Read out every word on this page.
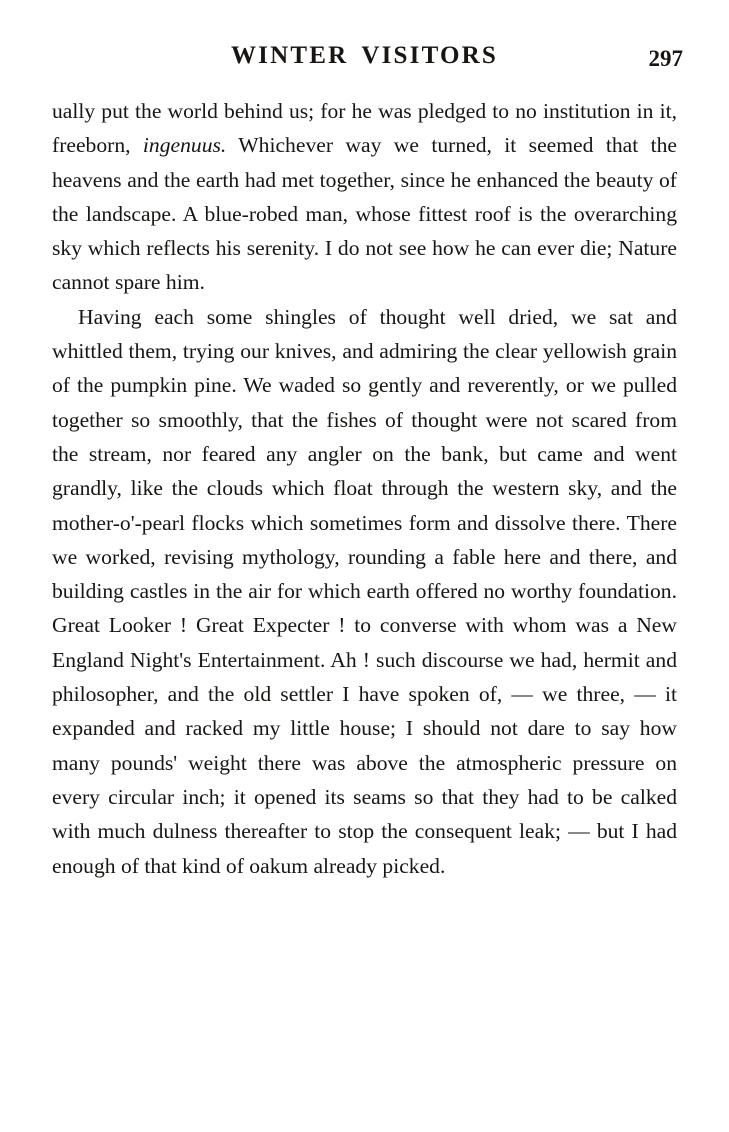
WINTER VISITORS	297

ually put the world behind us; for he was pledged to no institution in it, freeborn, ingenuus. Whichever way we turned, it seemed that the heavens and the earth had met together, since he enhanced the beauty of the landscape. A blue-robed man, whose fittest roof is the overarching sky which reflects his serenity. I do not see how he can ever die; Nature cannot spare him.

Having each some shingles of thought well dried, we sat and whittled them, trying our knives, and admiring the clear yellowish grain of the pumpkin pine. We waded so gently and reverently, or we pulled together so smoothly, that the fishes of thought were not scared from the stream, nor feared any angler on the bank, but came and went grandly, like the clouds which float through the western sky, and the mother-o'-pearl flocks which sometimes form and dissolve there. There we worked, revising mythology, rounding a fable here and there, and building castles in the air for which earth offered no worthy foundation. Great Looker ! Great Expecter ! to converse with whom was a New England Night's Entertainment. Ah ! such discourse we had, hermit and philosopher, and the old settler I have spoken of, — we three, — it expanded and racked my little house; I should not dare to say how many pounds' weight there was above the atmospheric pressure on every circular inch; it opened its seams so that they had to be calked with much dulness thereafter to stop the consequent leak; — but I had enough of that kind of oakum already picked.
